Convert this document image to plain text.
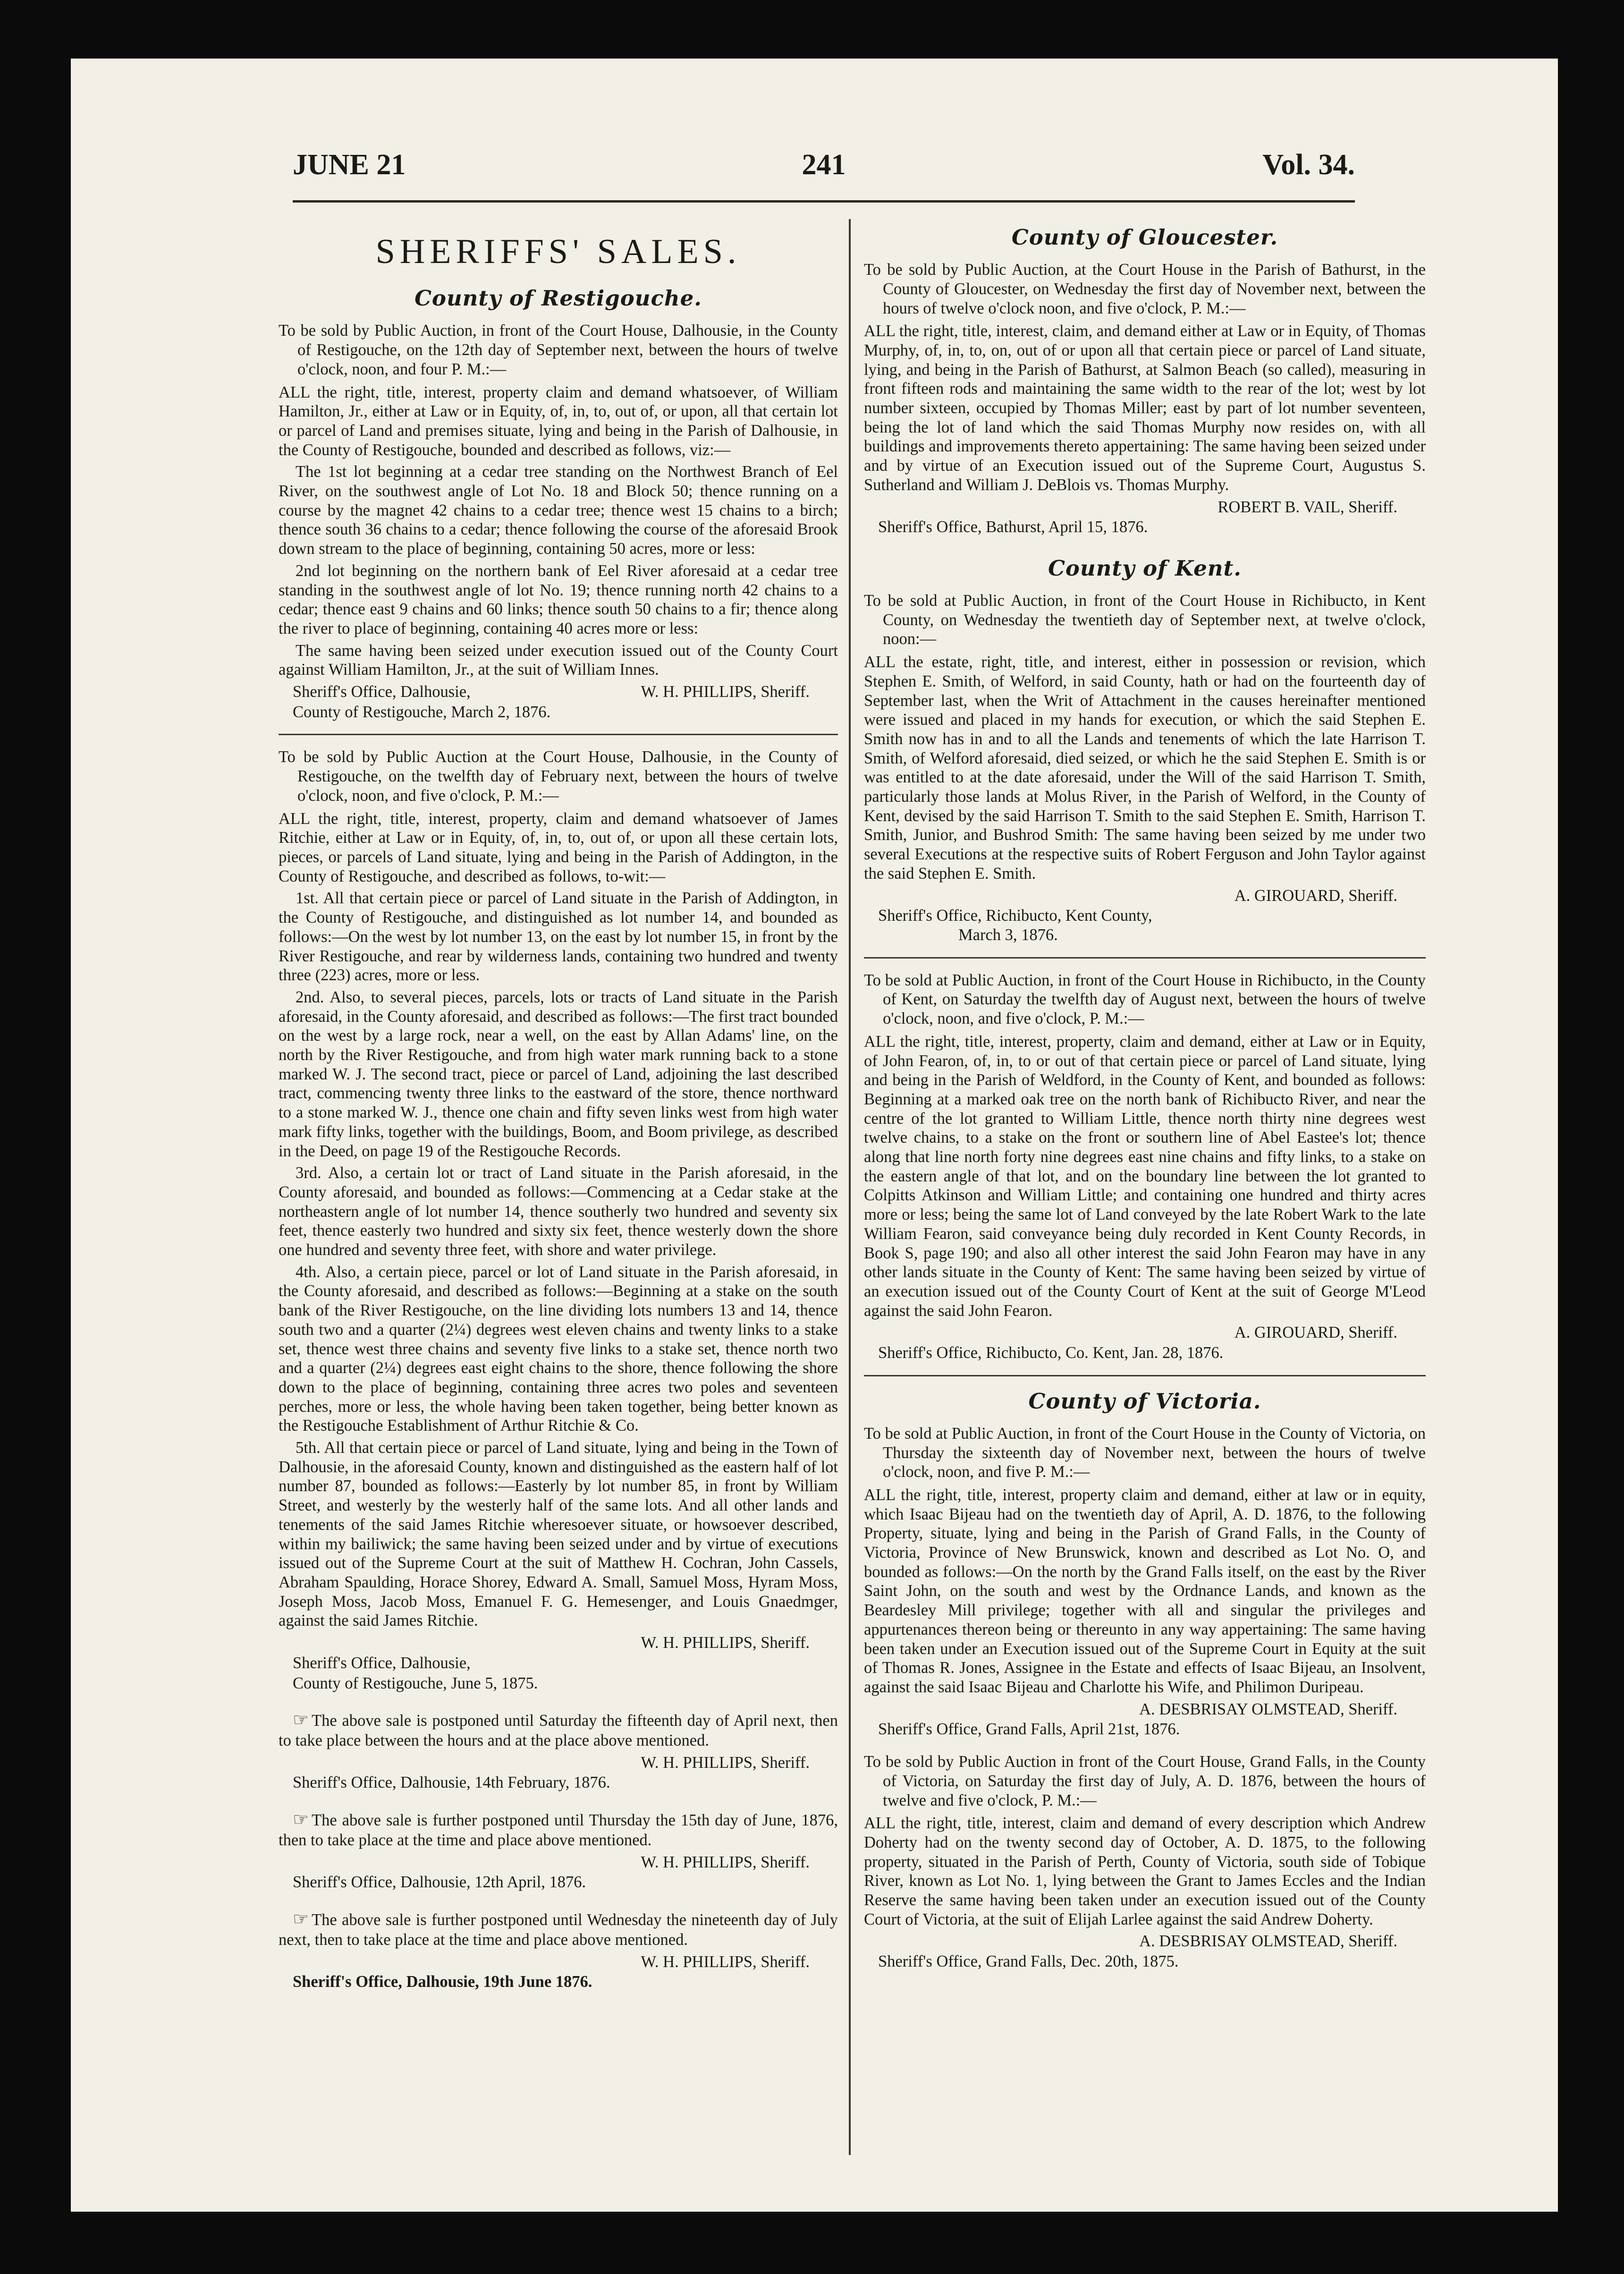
JUNE 21	241	Vol. 34.
SHERIFFS' SALES.
County of Restigouche.

To be sold by Public Auction, in front of the Court House, Dalhousie, in the County of Restigouche, on the 12th day of September next, between the hours of twelve o'clock, noon, and four P. M.:—

ALL the right, title, interest, property claim and demand whatsoever, of William Hamilton, Jr., either at Law or in Equity, of, in, to, out of, or upon, all that certain lot or parcel of Land and premises situate, lying and being in the Parish of Dalhousie, in the County of Restigouche, bounded and described as follows, viz:—

The 1st lot beginning at a cedar tree standing on the Northwest Branch of Eel River, on the southwest angle of Lot No. 18 and Block 50; thence running on a course by the magnet 42 chains to a cedar tree; thence west 15 chains to a birch; thence south 36 chains to a cedar; thence following the course of the aforesaid Brook down stream to the place of beginning, containing 50 acres, more or less:

2nd lot beginning on the northern bank of Eel River aforesaid at a cedar tree standing in the southwest angle of lot No. 19; thence running north 42 chains to a cedar; thence east 9 chains and 60 links; thence south 50 chains to a fir; thence along the river to place of beginning, containing 40 acres more or less:

The same having been seized under execution issued out of the County Court against William Hamilton, Jr., at the suit of William Innes.

Sheriff's Office, Dalhousie,	W. H. PHILLIPS, Sheriff.
County of Restigouche, March 2, 1876.

To be sold by Public Auction at the Court House, Dalhousie, in the County of Restigouche, on the twelfth day of February next, between the hours of twelve o'clock, noon, and five o'clock, P. M.:—

ALL the right, title, interest, property, claim and demand whatsoever of James Ritchie, either at Law or in Equity, of, in, to, out of, or upon all these certain lots, pieces, or parcels of Land situate, lying and being in the Parish of Addington, in the County of Restigouche, and described as follows, to-wit:—

1st. All that certain piece or parcel of Land situate in the Parish of Addington, in the County of Restigouche, and distinguished as lot number 14, and bounded as follows:—On the west by lot number 13, on the east by lot number 15, in front by the River Restigouche, and rear by wilderness lands, containing two hundred and twenty three (223) acres, more or less.

2nd. Also, to several pieces, parcels, lots or tracts of Land situate in the Parish aforesaid, in the County aforesaid, and described as follows:—The first tract bounded on the west by a large rock, near a well, on the east by Allan Adams' line, on the north by the River Restigouche, and from high water mark running back to a stone marked W. J. The second tract, piece or parcel of Land, adjoining the last described tract, commencing twenty three links to the eastward of the store, thence northward to a stone marked W. J., thence one chain and fifty seven links west from high water mark fifty links, together with the buildings, Boom, and Boom privilege, as described in the Deed, on page 19 of the Restigouche Records.

3rd. Also, a certain lot or tract of Land situate in the Parish aforesaid, in the County aforesaid, and bounded as follows:—Commencing at a Cedar stake at the northeastern angle of lot number 14, thence southerly two hundred and seventy six feet, thence easterly two hundred and sixty six feet, thence westerly down the shore one hundred and seventy three feet, with shore and water privilege.

4th. Also, a certain piece, parcel or lot of Land situate in the Parish aforesaid, in the County aforesaid, and described as follows:—Beginning at a stake on the south bank of the River Restigouche, on the line dividing lots numbers 13 and 14, thence south two and a quarter (2¼) degrees west eleven chains and twenty links to a stake set, thence west three chains and seventy five links to a stake set, thence north two and a quarter (2¼) degrees east eight chains to the shore, thence following the shore down to the place of beginning, containing three acres two poles and seventeen perches, more or less, the whole having been taken together, being better known as the Restigouche Establishment of Arthur Ritchie & Co.

5th. All that certain piece or parcel of Land situate, lying and being in the Town of Dalhousie, in the aforesaid County, known and distinguished as the eastern half of lot number 87, bounded as follows:—Easterly by lot number 85, in front by William Street, and westerly by the westerly half of the same lots. And all other lands and tenements of the said James Ritchie wheresoever situate, or howsoever described, within my bailiwick; the same having been seized under and by virtue of executions issued out of the Supreme Court at the suit of Matthew H. Cochran, John Cassels, Abraham Spaulding, Horace Shorey, Edward A. Small, Samuel Moss, Hyram Moss, Joseph Moss, Jacob Moss, Emanuel F. G. Hemesenger, and Louis Gnaedmger, against the said James Ritchie.

W. H. PHILLIPS, Sheriff.
Sheriff's Office, Dalhousie,
County of Restigouche, June 5, 1875.

☞ The above sale is postponed until Saturday the fifteenth day of April next, then to take place between the hours and at the place above mentioned.

W. H. PHILLIPS, Sheriff.
Sheriff's Office, Dalhousie, 14th February, 1876.

☞ The above sale is further postponed until Thursday the 15th day of June, 1876, then to take place at the time and place above mentioned.

W. H. PHILLIPS, Sheriff.
Sheriff's Office, Dalhousie, 12th April, 1876.

☞ The above sale is further postponed until Wednesday the nineteenth day of July next, then to take place at the time and place above mentioned.

W. H. PHILLIPS, Sheriff.
Sheriff's Office, Dalhousie, 19th June 1876.
County of Gloucester.

To be sold by Public Auction, at the Court House in the Parish of Bathurst, in the County of Gloucester, on Wednesday the first day of November next, between the hours of twelve o'clock noon, and five o'clock, P. M.:—

ALL the right, title, interest, claim, and demand either at Law or in Equity, of Thomas Murphy, of, in, to, on, out of or upon all that certain piece or parcel of Land situate, lying, and being in the Parish of Bathurst, at Salmon Beach (so called), measuring in front fifteen rods and maintaining the same width to the rear of the lot; west by lot number sixteen, occupied by Thomas Miller; east by part of lot number seventeen, being the lot of land which the said Thomas Murphy now resides on, with all buildings and improvements thereto appertaining: The same having been seized under and by virtue of an Execution issued out of the Supreme Court, Augustus S. Sutherland and William J. DeBlois vs. Thomas Murphy.

ROBERT B. VAIL, Sheriff.
Sheriff's Office, Bathurst, April 15, 1876.
County of Kent.

To be sold at Public Auction, in front of the Court House in Richibucto, in Kent County, on Wednesday the twentieth day of September next, at twelve o'clock, noon:—

ALL the estate, right, title, and interest, either in possession or revision, which Stephen E. Smith, of Welford, in said County, hath or had on the fourteenth day of September last, when the Writ of Attachment in the causes hereinafter mentioned were issued and placed in my hands for execution, or which the said Stephen E. Smith now has in and to all the Lands and tenements of which the late Harrison T. Smith, of Welford aforesaid, died seized, or which he the said Stephen E. Smith is or was entitled to at the date aforesaid, under the Will of the said Harrison T. Smith, particularly those lands at Molus River, in the Parish of Welford, in the County of Kent, devised by the said Harrison T. Smith to the said Stephen E. Smith, Harrison T. Smith, Junior, and Bushrod Smith: The same having been seized by me under two several Executions at the respective suits of Robert Ferguson and John Taylor against the said Stephen E. Smith.

A. GIROUARD, Sheriff.
Sheriff's Office, Richibucto, Kent County,
March 3, 1876.

To be sold at Public Auction, in front of the Court House in Richibucto, in the County of Kent, on Saturday the twelfth day of August next, between the hours of twelve o'clock, noon, and five o'clock, P. M.:—

ALL the right, title, interest, property, claim and demand, either at Law or in Equity, of John Fearon, of, in, to or out of that certain piece or parcel of Land situate, lying and being in the Parish of Weldford, in the County of Kent, and bounded as follows: Beginning at a marked oak tree on the north bank of Richibucto River, and near the centre of the lot granted to William Little, thence north thirty nine degrees west twelve chains, to a stake on the front or southern line of Abel Eastee's lot; thence along that line north forty nine degrees east nine chains and fifty links, to a stake on the eastern angle of that lot, and on the boundary line between the lot granted to Colpitts Atkinson and William Little; and containing one hundred and thirty acres more or less; being the same lot of Land conveyed by the late Robert Wark to the late William Fearon, said conveyance being duly recorded in Kent County Records, in Book S, page 190; and also all other interest the said John Fearon may have in any other lands situate in the County of Kent: The same having been seized by virtue of an execution issued out of the County Court of Kent at the suit of George M'Leod against the said John Fearon.

A. GIROUARD, Sheriff.
Sheriff's Office, Richibucto, Co. Kent, Jan. 28, 1876.
County of Victoria.

To be sold at Public Auction, in front of the Court House in the County of Victoria, on Thursday the sixteenth day of November next, between the hours of twelve o'clock, noon, and five P. M.:—

ALL the right, title, interest, property claim and demand, either at law or in equity, which Isaac Bijeau had on the twentieth day of April, A. D. 1876, to the following Property, situate, lying and being in the Parish of Grand Falls, in the County of Victoria, Province of New Brunswick, known and described as Lot No. O, and bounded as follows:—On the north by the Grand Falls itself, on the east by the River Saint John, on the south and west by the Ordnance Lands, and known as the Beardesley Mill privilege; together with all and singular the privileges and appurtenances thereon being or thereunto in any way appertaining: The same having been taken under an Execution issued out of the Supreme Court in Equity at the suit of Thomas R. Jones, Assignee in the Estate and effects of Isaac Bijeau, an Insolvent, against the said Isaac Bijeau and Charlotte his Wife, and Philimon Duripeau.

A. DESBRISAY OLMSTEAD, Sheriff.
Sheriff's Office, Grand Falls, April 21st, 1876.

To be sold by Public Auction in front of the Court House, Grand Falls, in the County of Victoria, on Saturday the first day of July, A. D. 1876, between the hours of twelve and five o'clock, P. M.:—

ALL the right, title, interest, claim and demand of every description which Andrew Doherty had on the twenty second day of October, A. D. 1875, to the following property, situated in the Parish of Perth, County of Victoria, south side of Tobique River, known as Lot No. 1, lying between the Grant to James Eccles and the Indian Reserve the same having been taken under an execution issued out of the County Court of Victoria, at the suit of Elijah Larlee against the said Andrew Doherty.

A. DESBRISAY OLMSTEAD, Sheriff.
Sheriff's Office, Grand Falls, Dec. 20th, 1875.
